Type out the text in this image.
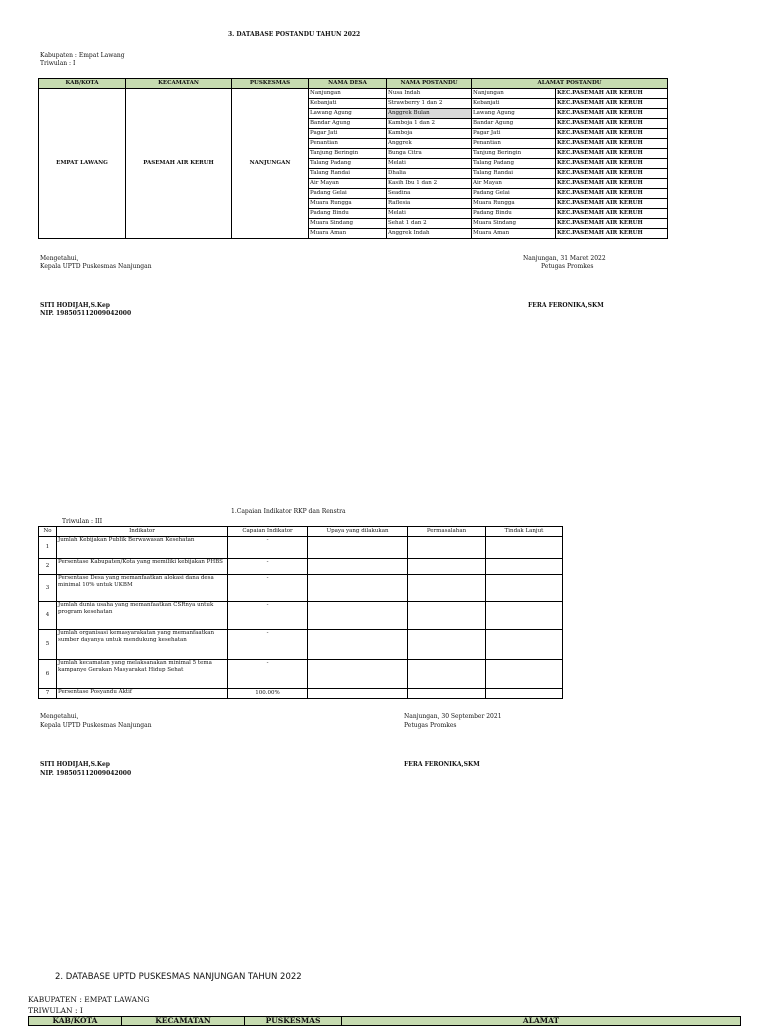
3. DATABASE POSTANDU TAHUN 2022
Kabupaten : Empat Lawang
Triwulan : I
KAB/KOTA	KECAMATAN	PUSKESMAS	NAMA DESA	NAMA POSTANDU	ALAMAT POSTANDU	
EMPAT LAWANG	PASEMAH AIR KERUH	NANJUNGAN	Nanjungan	Nusa Indah	Nanjungan	KEC.PASEMAH AIR KERUH
			Kebanjati	Strawberry 1 dan 2	Kebanjati	KEC.PASEMAH AIR KERUH
			Lawang Agung	Anggrek Bulan	Lawang Agung	KEC.PASEMAH AIR KERUH
			Bandar Agung	Kamboja 1 dan 2	Bandar Agung	KEC.PASEMAH AIR KERUH
			Pagar Jati	Kamboja	Pagar Jati	KEC.PASEMAH AIR KERUH
			Penantian	Anggrek	Penantian	KEC.PASEMAH AIR KERUH
			Tanjung Beringin	Bunga Citra	Tanjung Beringin	KEC.PASEMAH AIR KERUH
			Talang Padang	Melati	Talang Padang	KEC.PASEMAH AIR KERUH
			Talang Randai	Dhalia	Talang Randai	KEC.PASEMAH AIR KERUH
			Air Mayan	Kasih Ibu 1 dan 2	Air Mayan	KEC.PASEMAH AIR KERUH
			Padang Gelai	Seadina	Padang Gelai	KEC.PASEMAH AIR KERUH
			Muara Rungga	Raflesia	Muara Rungga	KEC.PASEMAH AIR KERUH
			Padang Bindu	Melati	Padang Bindu	KEC.PASEMAH AIR KERUH
			Muara Sindang	Sehat 1 dan 2	Muara Sindang	KEC.PASEMAH AIR KERUH
			Muara Aman	Anggrek Indah	Muara Aman	KEC.PASEMAH AIR KERUH
Mengetahui,
Kepala UPTD Puskesmas Nanjungan
SITI HODIJAH,S.Kep
NIP. 198505112009042000
Nanjungan, 31 Maret 2022
Petugas Promkes
FERA FERONIKA,SKM
1.Capaian Indikator RKP dan Renstra
Triwulan : III
No	Indikator	Capaian Indikator	Upaya yang dilakukan	Permasalahan	Tindak Lanjut
1	Jumlah Kebijakan Publik Berwawasan Kesehatan	-			
2	Persentase Kabupaten/Kota yang memiliki kebijakan PHBS	-			
3	Persentase Desa yang memanfaatkan alokasi dana desa minimal 10% untuk UKBM	-			
4	Jumlah dunia usaha yang memanfaatkan CSRnya untuk program kesehatan	-			
5	Jumlah organisasi kemasyarakatan yang memanfaatkan sumber dayanya untuk mendukung kesehatan	-			
6	Jumlah kecamatan yang melaksanakan minimal 5 tema kampanye Gerakan Masyarakat Hidup Sehat	-			
7	Persentase Posyandu Aktif	100.00%			
Mengetahui,
Kepala UPTD Puskesmas Nanjungan
SITI HODIJAH,S.Kep
NIP. 198505112009042000
Nanjungan, 30 September 2021
Petugas Promkes
FERA FERONIKA,SKM
2. DATABASE UPTD PUSKESMAS NANJUNGAN TAHUN 2022
KABUPATEN : EMPAT LAWANG
TRIWULAN : I
KAB/KOTA	KECAMATAN	PUSKESMAS	ALAMAT
